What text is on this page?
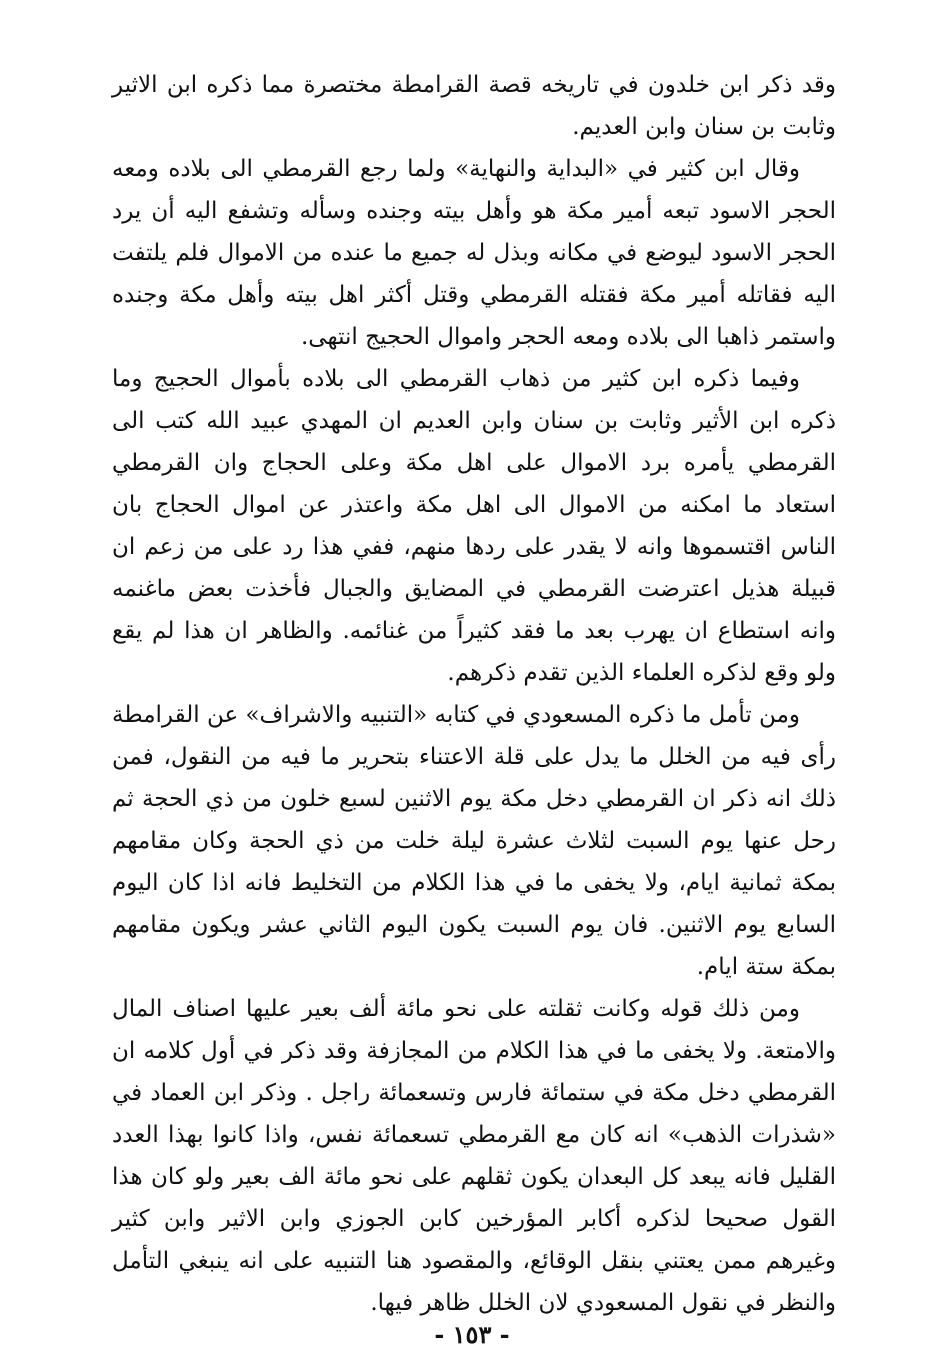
وقد ذكر ابن خلدون في تاريخه قصة القرامطة مختصرة مما ذكره ابن الاثير وثابت بن سنان وابن العديم.

وقال ابن كثير في «البداية والنهاية» ولما رجع القرمطي الى بلاده ومعه الحجر الاسود تبعه أمير مكة هو وأهل بيته وجنده وسأله وتشفع اليه أن يرد الحجر الاسود ليوضع في مكانه وبذل له جميع ما عنده من الاموال فلم يلتفت اليه فقاتله أمير مكة فقتله القرمطي وقتل أكثر اهل بيته وأهل مكة وجنده واستمر ذاهبا الى بلاده ومعه الحجر واموال الحجيج انتهى.

وفيما ذكره ابن كثير من ذهاب القرمطي الى بلاده بأموال الحجيج وما ذكره ابن الأثير وثابت بن سنان وابن العديم ان المهدي عبيد الله كتب الى القرمطي يأمره برد الاموال على اهل مكة وعلى الحجاج وان القرمطي استعاد ما امكنه من الاموال الى اهل مكة واعتذر عن اموال الحجاج بان الناس اقتسموها وانه لا يقدر على ردها منهم، ففي هذا رد على من زعم ان قبيلة هذيل اعترضت القرمطي في المضايق والجبال فأخذت بعض ماغنمه وانه استطاع ان يهرب بعد ما فقد كثيراً من غنائمه. والظاهر ان هذا لم يقع ولو وقع لذكره العلماء الذين تقدم ذكرهم.

ومن تأمل ما ذكره المسعودي في كتابه «التنبيه والاشراف» عن القرامطة رأى فيه من الخلل ما يدل على قلة الاعتناء بتحرير ما فيه من النقول، فمن ذلك انه ذكر ان القرمطي دخل مكة يوم الاثنين لسبع خلون من ذي الحجة ثم رحل عنها يوم السبت لثلاث عشرة ليلة خلت من ذي الحجة وكان مقامهم بمكة ثمانية ايام، ولا يخفى ما في هذا الكلام من التخليط فانه اذا كان اليوم السابع يوم الاثنين. فان يوم السبت يكون اليوم الثاني عشر ويكون مقامهم بمكة ستة ايام.

ومن ذلك قوله وكانت ثقلته على نحو مائة ألف بعير عليها اصناف المال والامتعة. ولا يخفى ما في هذا الكلام من المجازفة وقد ذكر في أول كلامه ان القرمطي دخل مكة في ستمائة فارس وتسعمائة راجل . وذكر ابن العماد في «شذرات الذهب» انه كان مع القرمطي تسعمائة نفس، واذا كانوا بهذا العدد القليل فانه يبعد كل البعدان يكون ثقلهم على نحو مائة الف بعير ولو كان هذا القول صحيحا لذكره أكابر المؤرخين كابن الجوزي وابن الاثير وابن كثير وغيرهم ممن يعتني بنقل الوقائع، والمقصود هنا التنبيه على انه ينبغي التأمل والنظر في نقول المسعودي لان الخلل ظاهر فيها.

- ١٥٣ -
